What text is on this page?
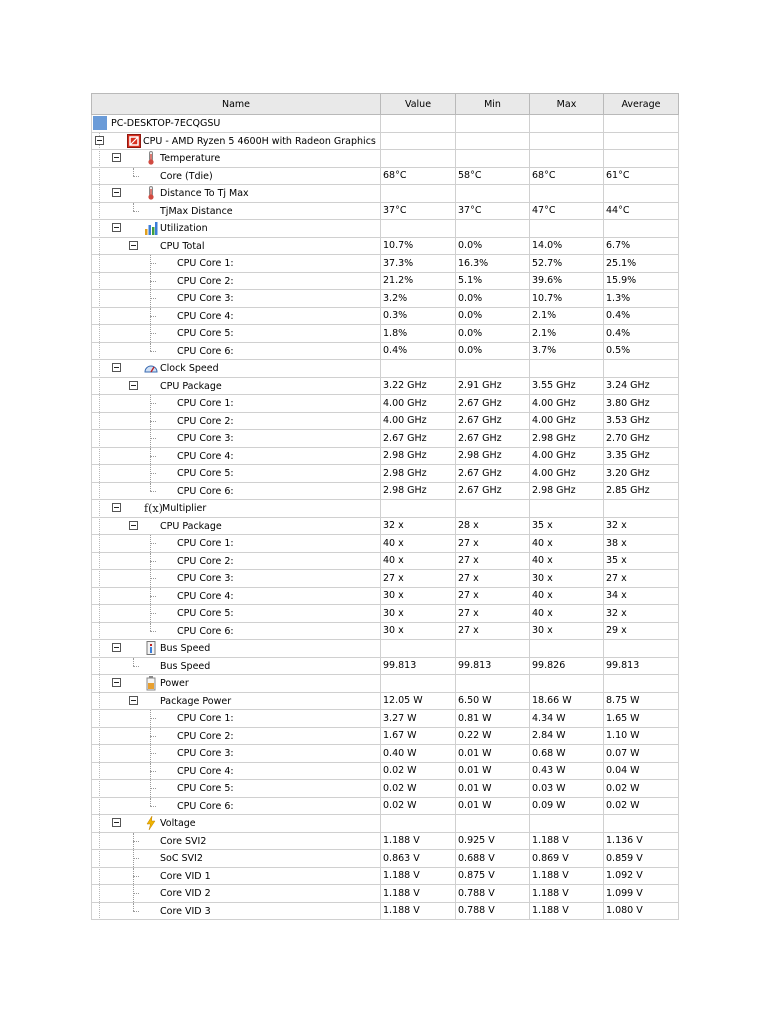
Name	Value	Min	Max	Average

PC-DESKTOP-7ECQGSU				

CPU - AMD Ryzen 5 4600H with Radeon Graphics				

Temperature				

Core (Tdie)	68°C	58°C	68°C	61°C

Distance To Tj Max				

TjMax Distance	37°C	37°C	47°C	44°C

Utilization				

CPU Total	10.7%	0.0%	14.0%	6.7%

CPU Core 1:	37.3%	16.3%	52.7%	25.1%

CPU Core 2:	21.2%	5.1%	39.6%	15.9%

CPU Core 3:	3.2%	0.0%	10.7%	1.3%

CPU Core 4:	0.3%	0.0%	2.1%	0.4%

CPU Core 5:	1.8%	0.0%	2.1%	0.4%

CPU Core 6:	0.4%	0.0%	3.7%	0.5%

Clock Speed				

CPU Package	3.22 GHz	2.91 GHz	3.55 GHz	3.24 GHz

CPU Core 1:	4.00 GHz	2.67 GHz	4.00 GHz	3.80 GHz

CPU Core 2:	4.00 GHz	2.67 GHz	4.00 GHz	3.53 GHz

CPU Core 3:	2.67 GHz	2.67 GHz	2.98 GHz	2.70 GHz

CPU Core 4:	2.98 GHz	2.98 GHz	4.00 GHz	3.35 GHz

CPU Core 5:	2.98 GHz	2.67 GHz	4.00 GHz	3.20 GHz

CPU Core 6:	2.98 GHz	2.67 GHz	2.98 GHz	2.85 GHz

f(x) Multiplier				

CPU Package	32 x	28 x	35 x	32 x

CPU Core 1:	40 x	27 x	40 x	38 x

CPU Core 2:	40 x	27 x	40 x	35 x

CPU Core 3:	27 x	27 x	30 x	27 x

CPU Core 4:	30 x	27 x	40 x	34 x

CPU Core 5:	30 x	27 x	40 x	32 x

CPU Core 6:	30 x	27 x	30 x	29 x

Bus Speed				

Bus Speed	99.813	99.813	99.826	99.813

Power				

Package Power	12.05 W	6.50 W	18.66 W	8.75 W

CPU Core 1:	3.27 W	0.81 W	4.34 W	1.65 W

CPU Core 2:	1.67 W	0.22 W	2.84 W	1.10 W

CPU Core 3:	0.40 W	0.01 W	0.68 W	0.07 W

CPU Core 4:	0.02 W	0.01 W	0.43 W	0.04 W

CPU Core 5:	0.02 W	0.01 W	0.03 W	0.02 W

CPU Core 6:	0.02 W	0.01 W	0.09 W	0.02 W

Voltage				

Core SVI2	1.188 V	0.925 V	1.188 V	1.136 V

SoC SVI2	0.863 V	0.688 V	0.869 V	0.859 V

Core VID 1	1.188 V	0.875 V	1.188 V	1.092 V

Core VID 2	1.188 V	0.788 V	1.188 V	1.099 V

Core VID 3	1.188 V	0.788 V	1.188 V	1.080 V
